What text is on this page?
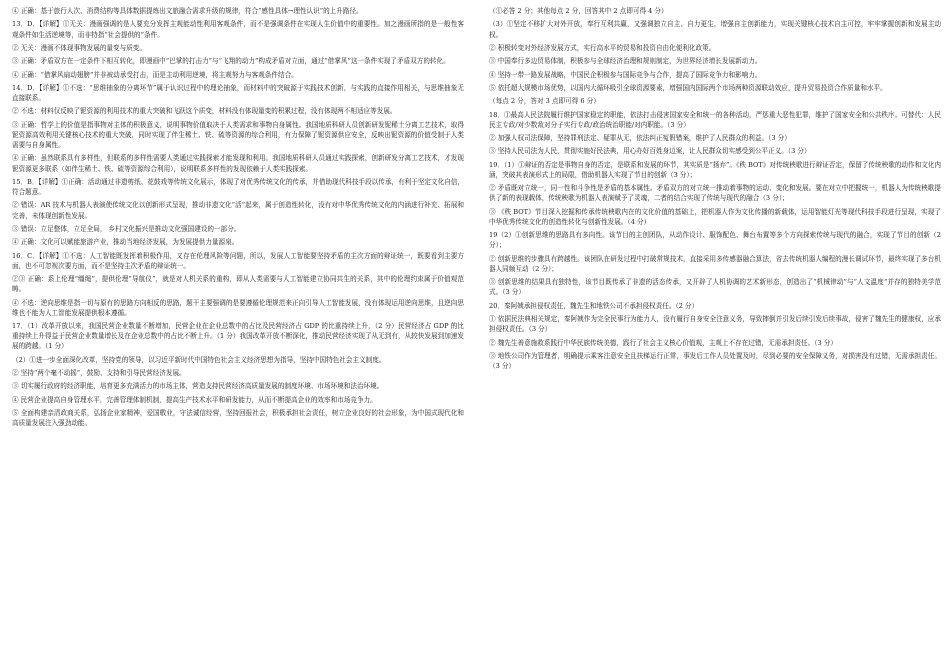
④ 正确：基于旅行人次、消费结构等具体数据提炼出文旅融合需求升级的规律，符合“感性具体→理性认识”的上升路径。

13．D．【详解】①无关：漫画强调的是人要充分发挥主观能动性利用客观条件，而不是强调条件在实现人生价值中的重要性。加之漫画所指的是一般性客观条件如生活逆境等，而非特指“社会提供的”条件。

② 无关：漫画不体现事物发展的量变与质变。

③ 正确：矛盾双方在一定条件下相互转化，即漫画中“巴掌的打击力”与“飞翔的动力”构成矛盾对立面，通过“借掌风”这一条件实现了矛盾双方的转化。

④ 正确：“借掌风扇动翅膀”并非被动承受打击，而是主动利用逆境，将主观努力与客观条件结合。

14．D．【详解】①不选：“思维抽象的分离环节”属于认识过程中的理论抽象，而材料中的突破源于实践技术创新，与实践的直接作用相关，与思维抽象无直接联系。

② 不选：材料仅反映了铌资源的利用技术的重大突破和飞跃这个质变，材料没有体现量变的积累过程，没有体现两不相适应等发展。

③ 正确：哲学上的价值是指事物对主体的积极意义，说明事物价值取决于人类需求和事物自身属性。我国地质科研人员创新研发铌稀土分离工艺技术，取得铌资源高效利用关键核心技术的重大突破，同时实现了伴生稀土、铁、硫等资源的综合利用，有力保障了铌资源供应安全，反映出铌资源的价值受制于人类需要与自身属性。

④ 正确：虽然联系具有多样性，但联系的多样性需要人类通过实践探索才能发现和利用。我国地质科研人员通过实践探索，创新研发分离工艺技术，才发现铌资源更多联系（如伴生稀土、铁、硫等资源综合利用），说明联系多样性的发现依赖于人类实践探索。

15．B．【详解】①正确：活动通过非遗剪纸、花鼓戏等传统文化展示，体现了对优秀传统文化的传承，并借助现代科技手段以传承，有利于坚定文化自信，符合题意。

② 错误：AR 技术与机器人表演使传统文化以创新形式呈现，推动非遗文化“活”起来，属于创造性转化，没有对中华优秀传统文化的内涵进行补充、拓展和完善，未体现创新性发展。

③ 错误：立足整体，立足全局， 乡村文化振兴是推动文化强国建设的一部分。

④ 正确：文化可以赋能旅游产业，推动当地经济发展，为发展提供力量源泉。

16．C．【详解】①不选：人工智能既发挥着积极作用，又存在伦理风险等问题，所以，发展人工智能要坚持矛盾的主次方面的辩证统一，既要看到主要方面，也不可忽视次要方面，而不是坚持主次矛盾的辩证统一。

②③ 正确：系上伦理“缰绳”，提供伦理“导航仪”，就是对人机关系的重构，即从人类需要与人工智能建立协同共生的关系，其中的伦理约束属于价值观范畴。

④ 不选：逆向思维是指一切与原有的思路方向相反的思路，题干主要强调的是要遵循伦理规范来正向引导人工智能发展，没有体现运用逆向思维，且逆向思维也不能为人工智能发展提供根本遵循。

17．（1）改革开放以来，我国民营企业数量不断增加，民营企业在企业总数中的占比及民营经济占 GDP 的比重持续上升，（2 分）民营经济占 GDP 的比重持续上升得益于民营企业数量增长及在企业总数中的占比不断上升。（1 分）我国改革开放不断深化，推动民营经济实现了从无到有，从较快发展到加速发展的跨越。（1 分）

（2）①进一步全面深化改革，坚持党的领导，以习近平新时代中国特色社会主义经济思想为指导，坚持中国特色社会主义制度。

② 坚持“两个毫不动摇”，鼓励、支持和引导民营经济发展。

③ 切实履行政府的经济职能，培育更多充满活力的市场主体，营造支持民营经济高质量发展的制度环境、市场环境和法治环境。

④ 民营企业提高自身管理水平，完善管理体制机制，提高生产技术水平和研发能力，从而不断提高企业的效率和市场竞争力。

⑤ 全面构建亲清政商关系，弘扬企业家精神，爱国敬业，守法诚信经营，坚持回报社会，积极承担社会责任，树立企业良好的社会形象，为中国式现代化和高质量发展注入强劲动能。

（①必答 2 分；其他每点 2 分，回答其中 2 点即可得 4 分）

（3）①坚定不移扩大对外开放，奉行互利共赢，又强调独立自主、自力更生，增强自主创新能力，实现关键核心技术自主可控，牢牢掌握创新和发展主动权。

② 积极转变对外经济发展方式，实行高水平的贸易和投资自由化便利化政策。

③ 中国奉行多边贸易体制，积极参与全球经济治理和规则制定，为世界经济增长发展新动力。

④ 坚持一带一路发展战略，中国民企积极参与国际竞争与合作，提高了国际竞争力和影响力。

⑤ 依托超大规模市场优势，以国内大循环吸引全球资源要素，增强国内国际两个市场两种资源联动效应，提升贸易投资合作质量和水平。

（每点 2 分，答对 3 点即可得 6 分）

18．①最高人民法院履行维护国家稳定的职能，依法打击侵害国家安全和统一的各种活动，严惩重大恶性犯罪，维护了国家安全和公共秩序。可替代：人民民主专政/对少数敌对分子实行专政/政治统治职能/对内职能。（3 分）

② 加强人权司法保障，坚持罪刑法定、疑罪从无，依法纠正冤假错案，维护了人民群众的利益。（3 分）

③ 坚持人民司法为人民，贯彻实施好民法典，用心办好百姓身边案，让人民群众切实感受到公平正义。（3 分）

19．（1）①辩证的否定是事物自身的否定，是联系和发展的环节，其实质是“扬弃”。《秩 BOT》对传统秧歌进行辩证否定，保留了传统秧歌的动作和文化内涵，突破其表演形式上的局限，借助机器人实现了节目的创新（3 分）；

② 矛盾既对立统一，同一性和斗争性是矛盾的基本属性。矛盾双方的对立统一推动着事物的运动、变化和发展。要在对立中把握统一，机器人为传统秧歌提供了新的表现载体，传统秧歌为机器人表演赋予了灵魂，二者的结合实现了传统与现代的融合（3 分）；

③ 《秩 BOT》节目深入挖掘和传承传统秧歌内在的文化价值的基础上，把机器人作为文化传播的新载体，运用智能灯光等现代科技手段进行呈现，实现了中华优秀传统文化的创造性转化与创新性发展。（4 分）

19（2）①创新思维的思路具有多向性。该节目的主创团队，从动作设计、服饰配色、舞台布置等多个方向探索传统与现代的融合，实现了节目的创新（2 分）；

② 创新思维的步骤具有跨越性。该团队在研发过程中打破常规技术，直接采用多传感器融合算法，省去传统机器人编程的漫长调试环节，最终实现了多台机器人同频互动（2 分）；

③ 创新思维的结果具有独特性，该节目既传承了非遗的活态传承，又开辟了人机协调的艺术新形态，创造出了“机械律动”与“人文温度”并存的独特美学范式。（3 分）

20．秦阿姨承担侵权责任，魏先生和地铁公司不承担侵权责任。（2 分）

① 依据民法典相关规定，秦阿姨作为完全民事行为能力人，没有履行自身安全注意义务，导致摔倒并引发后续引发后续事故，侵害了魏先生的健康权，应承担侵权责任。（3 分）

② 魏先生善意施救系践行中华民族传统美德，践行了社会主义核心价值观，主观上不存在过错，无需承担责任。（3 分）

③ 地铁公司作为管理者，明确提示乘客注意安全且扶梯运行正常，事发后工作人员处置及时，尽到必要的安全保障义务，对损害没有过错，无需承担责任。（3 分）
